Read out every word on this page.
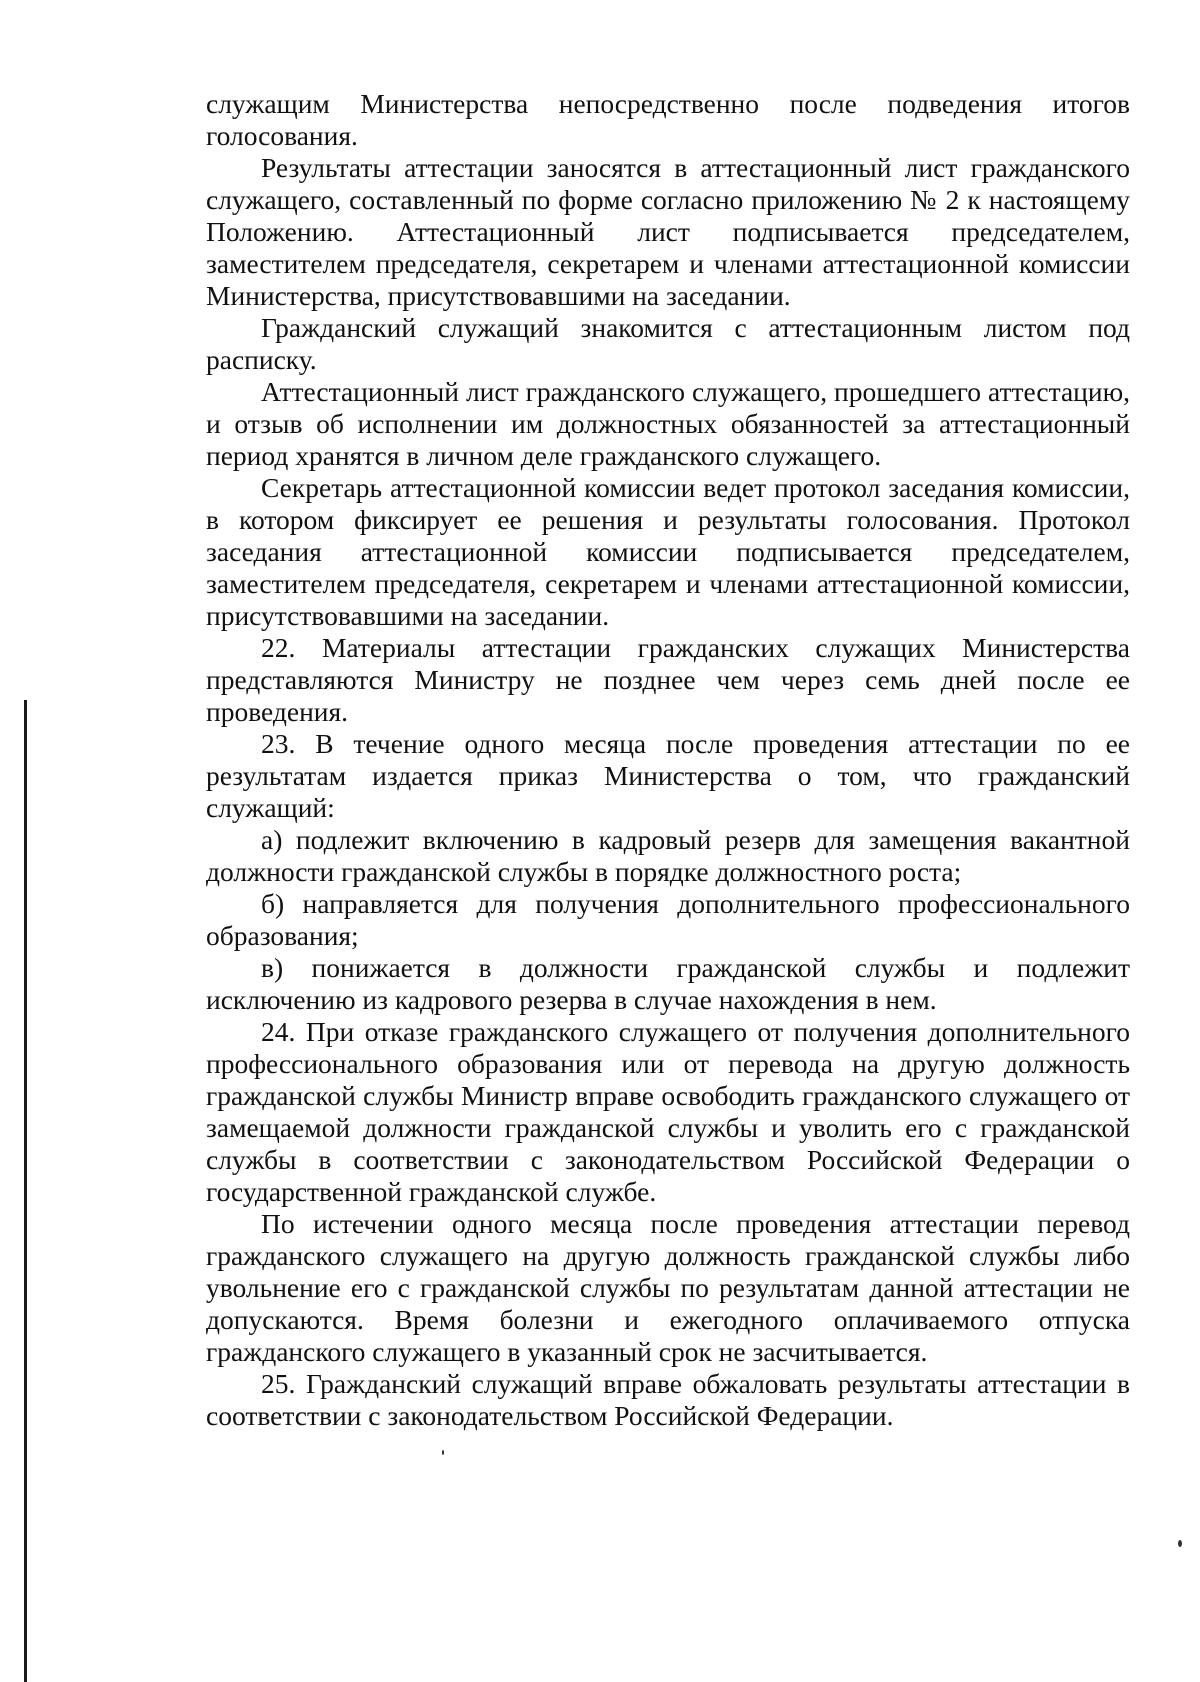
служащим Министерства непосредственно после подведения итогов голосования.

Результаты аттестации заносятся в аттестационный лист гражданского служащего, составленный по форме согласно приложению № 2 к настоящему Положению. Аттестационный лист подписывается председателем, заместителем председателя, секретарем и членами аттестационной комиссии Министерства, присутствовавшими на заседании.

Гражданский служащий знакомится с аттестационным листом под расписку.

Аттестационный лист гражданского служащего, прошедшего аттестацию, и отзыв об исполнении им должностных обязанностей за аттестационный период хранятся в личном деле гражданского служащего.

Секретарь аттестационной комиссии ведет протокол заседания комиссии, в котором фиксирует ее решения и результаты голосования. Протокол заседания аттестационной комиссии подписывается председателем, заместителем председателя, секретарем и членами аттестационной комиссии, присутствовавшими на заседании.

22. Материалы аттестации гражданских служащих Министерства представляются Министру не позднее чем через семь дней после ее проведения.

23. В течение одного месяца после проведения аттестации по ее результатам издается приказ Министерства о том, что гражданский служащий:

а) подлежит включению в кадровый резерв для замещения вакантной должности гражданской службы в порядке должностного роста;

б) направляется для получения дополнительного профессионального образования;

в) понижается в должности гражданской службы и подлежит исключению из кадрового резерва в случае нахождения в нем.

24. При отказе гражданского служащего от получения дополнительного профессионального образования или от перевода на другую должность гражданской службы Министр вправе освободить гражданского служащего от замещаемой должности гражданской службы и уволить его с гражданской службы в соответствии с законодательством Российской Федерации о государственной гражданской службе.

По истечении одного месяца после проведения аттестации перевод гражданского служащего на другую должность гражданской службы либо увольнение его с гражданской службы по результатам данной аттестации не допускаются. Время болезни и ежегодного оплачиваемого отпуска гражданского служащего в указанный срок не засчитывается.

25. Гражданский служащий вправе обжаловать результаты аттестации в соответствии с законодательством Российской Федерации.
